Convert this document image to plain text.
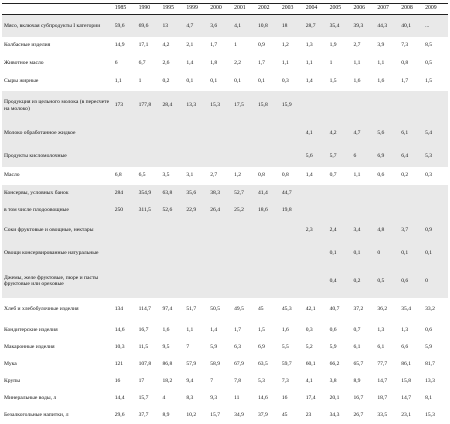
	1985	1990	1995	1999	2000	2001	2002	2003	2004	2005	2006	2007	2008	2009
Мясо, включая субпродукты I категории	59,6	69,6	13	4,7	3,6	4,1	10,8	18	28,7	35,4	39,3	44,3	40,1	...
Колбасные изделия	14,9	17,1	4,2	2,1	1,7	1	0,9	1,2	1,3	1,9	2,7	3,9	7,3	8,5
Животное масло	6	6,7	2,6	1,4	1,8	2,2	1,7	1,1	1,1	1	1,1	1,1	0,8	0,5
Сыры жирные	1,1	1	0,2	0,1	0,1	0,1	0,1	0,3	1,4	1,5	1,6	1,6	1,7	1,5
Продукция из цельного молока (в пересчете на молоко)	173	177,8	28,4	13,3	15,3	17,5	15,8	15,9						
Молоко обработанное жидкое									4,1	4,2	4,7	5,6	6,1	5,4
Продукты кисломолочные									5,6	5,7	6	6,9	6,4	5,3
Масло	6,8	6,5	3,5	3,1	2,7	1,2	0,8	0,8	1,4	0,7	1,1	0,6	0,2	0,3
Консервы, условных банок	284	354,9	63,8	35,6	38,3	52,7	41,4	44,7						
в том числе плодоовощные	250	311,5	52,6	22,9	26,4	25,2	18,6	19,8						
Соки фруктовые и овощные, нектары									2,3	2,4	3,4	4,8	3,7	0,9
Овощи консервированные натуральные										0,1	0,1	0	0,1	0,1
Джемы, желе фруктовые, пюре и пасты фруктовые или ореховые										0,4	0,2	0,5	0,6	0
Хлеб и хлебобулочные изделия	134	114,7	97,4	51,7	50,5	49,5	45	45,3	42,1	40,7	37,2	36,2	35,4	33,2
Кондитерские изделия	14,6	16,7	1,6	1,1	1,4	1,7	1,5	1,6	0,3	0,6	0,7	1,3	1,3	0,6
Макаронные изделия	10,3	11,5	9,5	7	5,9	6,3	6,9	5,5	5,2	5,9	6,1	6,1	6,6	5,9
Мука	121	107,8	86,8	57,9	58,9	67,9	63,5	59,7	60,1	66,2	65,7	77,7	86,1	81,7
Крупы	16	17	18,2	9,4	7	7,8	5,3	7,3	4,1	3,8	8,9	14,7	15,8	13,3
Минеральные воды, л	14,4	15,7	4	8,3	9,3	11	14,6	16	17,4	20,1	16,7	18,7	14,7	8,1
Безалкогольные напитки, л	29,6	37,7	8,9	10,2	15,7	34,9	37,9	45	23	34,3	26,7	33,5	23,1	15,3
